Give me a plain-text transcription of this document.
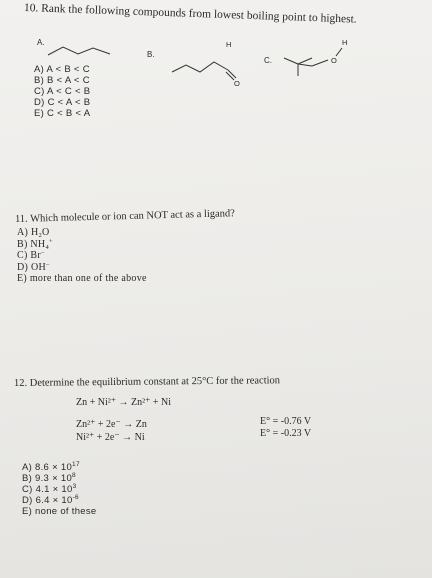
10. Rank the following compounds from lowest boiling point to highest.
A.
B.
H
O
C.
H
O
A) A < B < C
B) B < A < C
C) A < C < B
D) C < A < B
E) C < B < A
11. Which molecule or ion can NOT act as a ligand?
A) $H_2O$
B) $NH_4^+$
C) Br–
D) OH–
E) more than one of the above
12. Determine the equilibrium constant at 25°C for the reaction
Zn + Ni²⁺ → Zn²⁺ + Ni
Zn²⁺ + 2e⁻ → Zn	E° = -0.76 V
Ni²⁺ + 2e⁻ → Ni	E° = -0.23 V
A) $8.6 \times 10^{17}$
B) $9.3 \times 10^8$
C) $4.1 \times 10^3$
D) $6.4 \times 10^{-6}$
E) none of these
